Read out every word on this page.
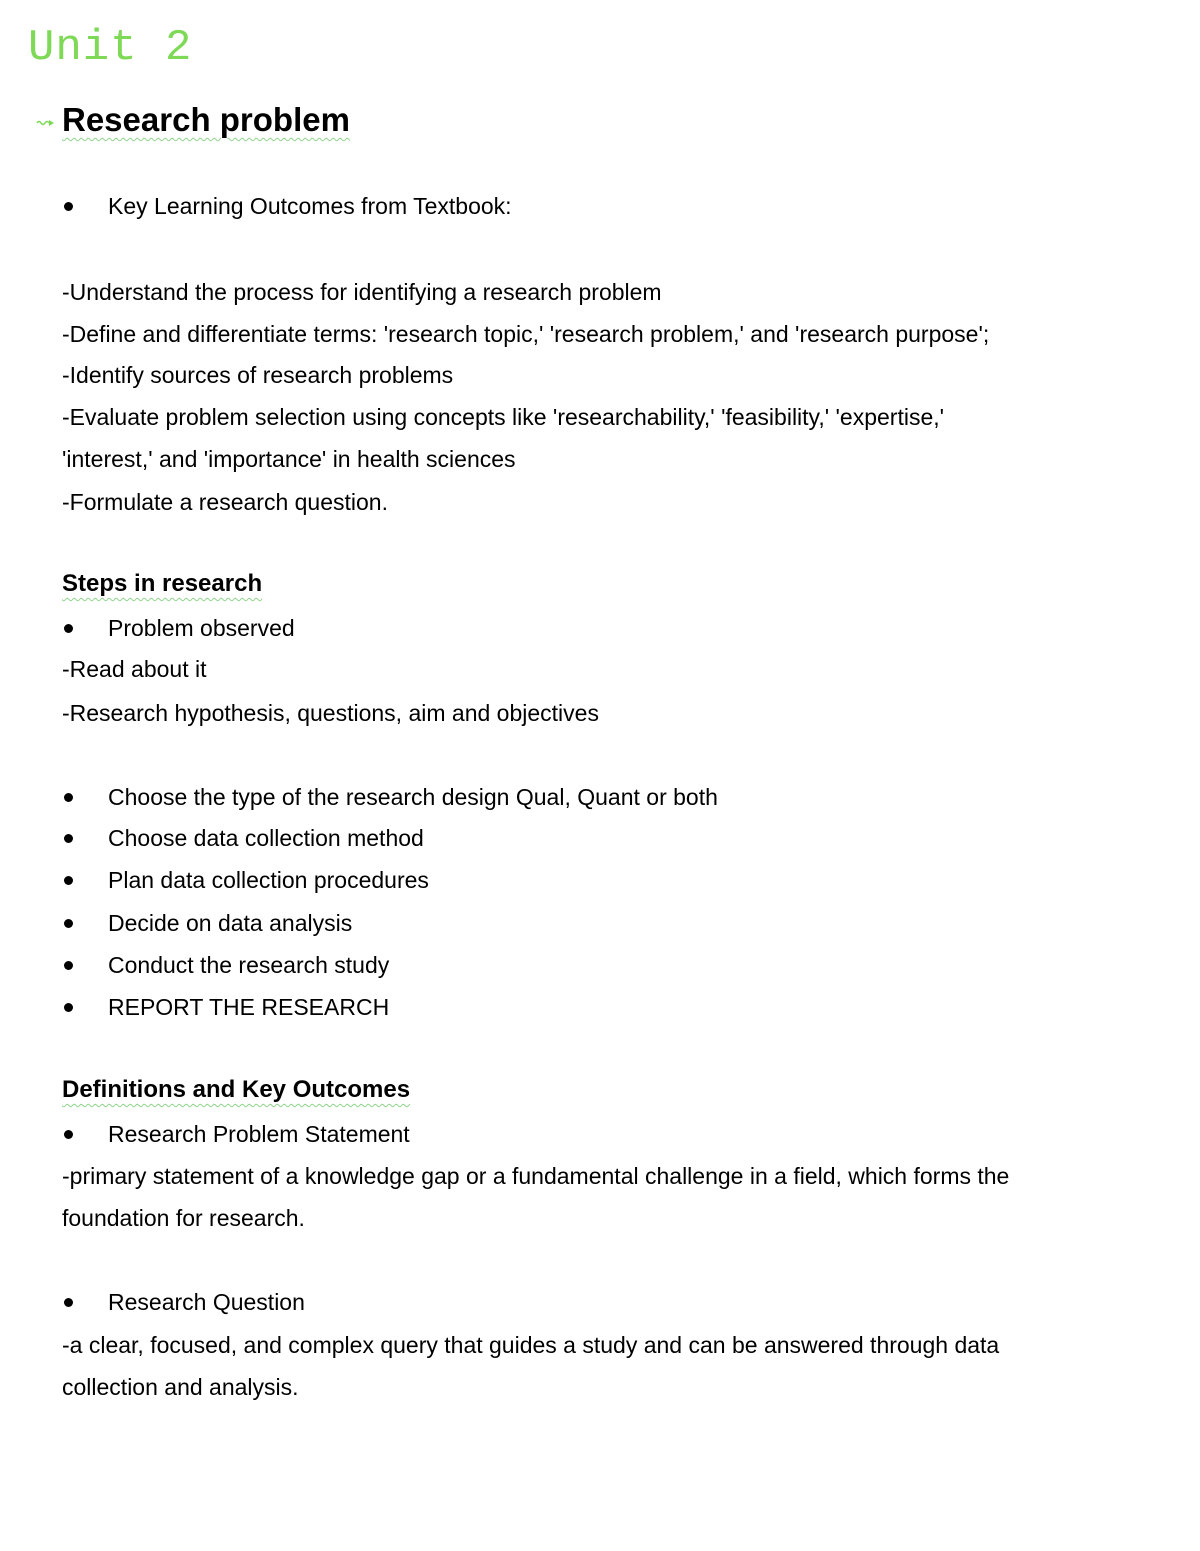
Unit 2
Research problem
Key Learning Outcomes from Textbook:
-Understand the process for identifying a research problem
-Define and differentiate terms: 'research topic,' 'research problem,' and 'research purpose';
-Identify sources of research problems
-Evaluate problem selection using concepts like 'researchability,' 'feasibility,' 'expertise,'
'interest,' and 'importance' in health sciences
-Formulate a research question.
Steps in research
Problem observed
-Read about it
-Research hypothesis, questions, aim and objectives
Choose the type of the research design Qual, Quant or both
Choose data collection method
Plan data collection procedures
Decide on data analysis
Conduct the research study
REPORT THE RESEARCH
Definitions and Key Outcomes
Research Problem Statement
-primary statement of a knowledge gap or a fundamental challenge in a field, which forms the
foundation for research.
Research Question
-a clear, focused, and complex query that guides a study and can be answered through data
collection and analysis.
